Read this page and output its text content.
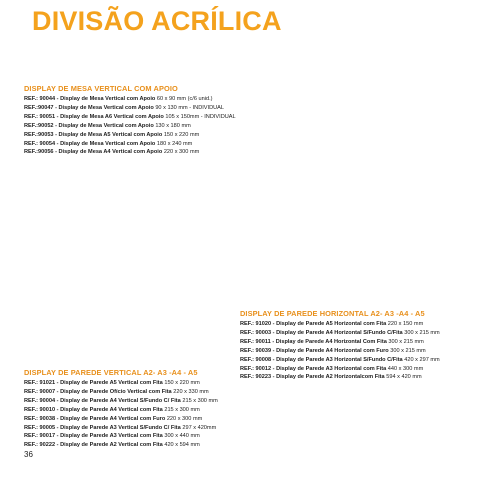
DIVISÃO ACRÍLICA
DISPLAY DE MESA VERTICAL COM APOIO
REF.: 90044 - Display de Mesa Vertical com Apoio 60 x 90 mm (c/6 unid.)
REF.:90047 - Display de Mesa Vertical com Apoio 90 x 130 mm - INDIVIDUAL
REF.: 90051 - Display de Mesa A6 Vertical com Apoio 105 x 150mm - INDIVIDUAL
REF.:90052 - Display de Mesa Vertical com Apoio 130 x 180 mm
REF.:90053 - Display de Mesa A5 Vertical com Apoio 150 x 220 mm
REF.: 90054 - Display de Mesa Vertical com Apoio 180 x 240 mm
REF.:90056 - Display de Mesa A4 Vertical com Apoio 220 x 300 mm
DISPLAY DE PAREDE HORIZONTAL A2- A3 -A4 - A5
REF.: 91020 - Display de Parede A5 Horizontal com Fita 220 x 150 mm
REF.: 90003 - Display de Parede A4 Horizontal S/Fundo C/Fita 300 x 215 mm
REF.: 90011 - Display de Parede A4 Horizontal Com Fita 300 x 215 mm
REF.: 90039 - Display de Parede A4 Horizontal com Furo 300 x 215 mm
REF.: 90008 - Display de Parede A3 Horizontal S/Fundo C/Fita 420 x 297 mm
REF.: 90012 - Display de Parede A3 Horizontal com Fita 440 x 300 mm
REF.: 90223 - Display de Parede A2 Horizontalcom Fita 594 x 420 mm
DISPLAY DE PAREDE VERTICAL A2- A3 -A4 - A5
REF.: 91021 - Display de Parede A5 Vertical com Fita 150 x 220 mm
REF.: 90007 - Display de Parede Ofício Vertical com Fita 220 x 330 mm
REF.: 90004 - Display de Parede A4 Vertical S/Fundo C/ Fita 215 x 300 mm
REF.: 90010 - Display de Parede A4 Vertical com Fita 215 x 300 mm
REF.: 90038 - Display de Parede A4 Vertical com Furo 220 x 300 mm
REF.: 90005 - Display de Parede A3 Vertical S/Fundo C/ Fita 297 x 420mm
REF.: 90017 - Display de Parede A3 Vertical com Fita 300 x 440 mm
REF.: 90222 - Display de Parede A2 Vertical com Fita 420 x 594 mm
36
